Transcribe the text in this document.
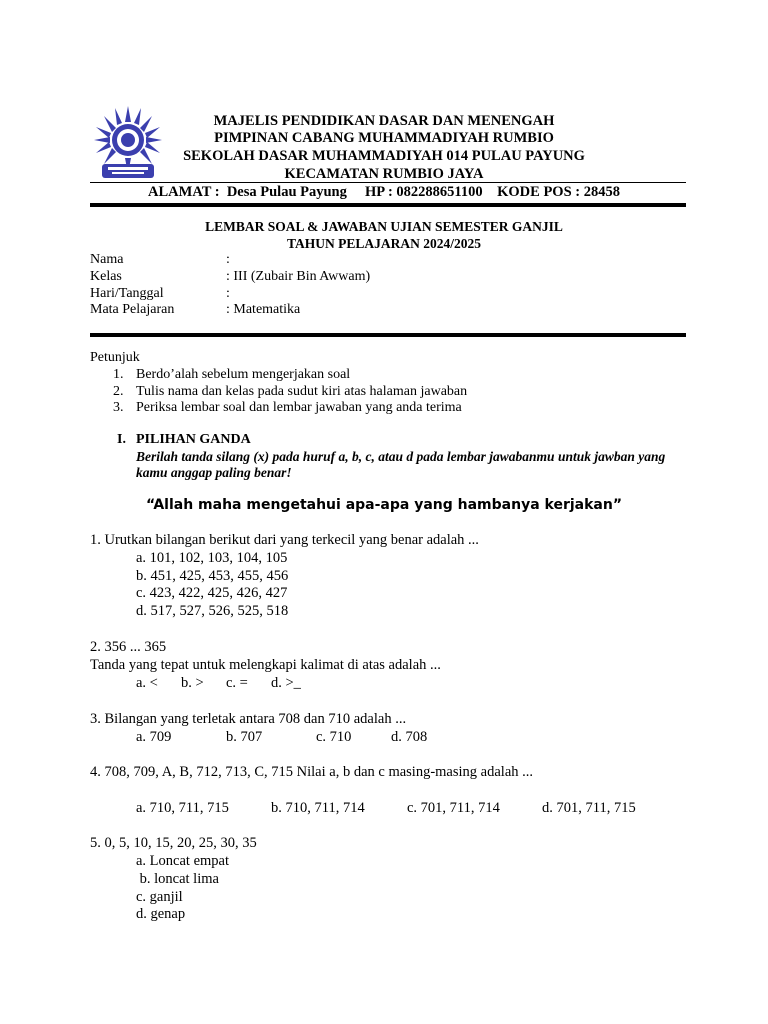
MAJELIS PENDIDIKAN DASAR DAN MENENGAH
PIMPINAN CABANG MUHAMMADIYAH RUMBIO
SEKOLAH DASAR MUHAMMADIYAH 014 PULAU PAYUNG
KECAMATAN RUMBIO JAYA
ALAMAT :  Desa Pulau Payung     HP : 082288651100    KODE POS : 28458
LEMBAR SOAL & JAWABAN UJIAN SEMESTER GANJIL
TAHUN PELAJARAN 2024/2025
Nama	:
Kelas	: III (Zubair Bin Awwam)
Hari/Tanggal	:
Mata Pelajaran	: Matematika
Petunjuk
1. Berdo’alah sebelum mengerjakan soal
2. Tulis nama dan kelas pada sudut kiri atas halaman jawaban
3. Periksa lembar soal dan lembar jawaban yang anda terima
I. PILIHAN GANDA
Berilah tanda silang (x) pada huruf a, b, c, atau d pada lembar jawabanmu untuk jawban yang
kamu anggap paling benar!
“Allah maha mengetahui apa-apa yang hambanya kerjakan”
1. Urutkan bilangan berikut dari yang terkecil yang benar adalah ...
a. 101, 102, 103, 104, 105
b. 451, 425, 453, 455, 456
c. 423, 422, 425, 426, 427
d. 517, 527, 526, 525, 518
2. 356 ... 365
Tanda yang tepat untuk melengkapi kalimat di atas adalah ...
a. < b. > c. = d. >_
3. Bilangan yang terletak antara 708 dan 710 adalah ...
a. 709	b. 707	c. 710	d. 708
4. 708, 709, A, B, 712, 713, C, 715 Nilai a, b dan c masing-masing adalah ...
a. 710, 711, 715	b. 710, 711, 714	c. 701, 711, 714	d. 701, 711, 715
5. 0, 5, 10, 15, 20, 25, 30, 35
a. Loncat empat
b. loncat lima
c. ganjil
d. genap
